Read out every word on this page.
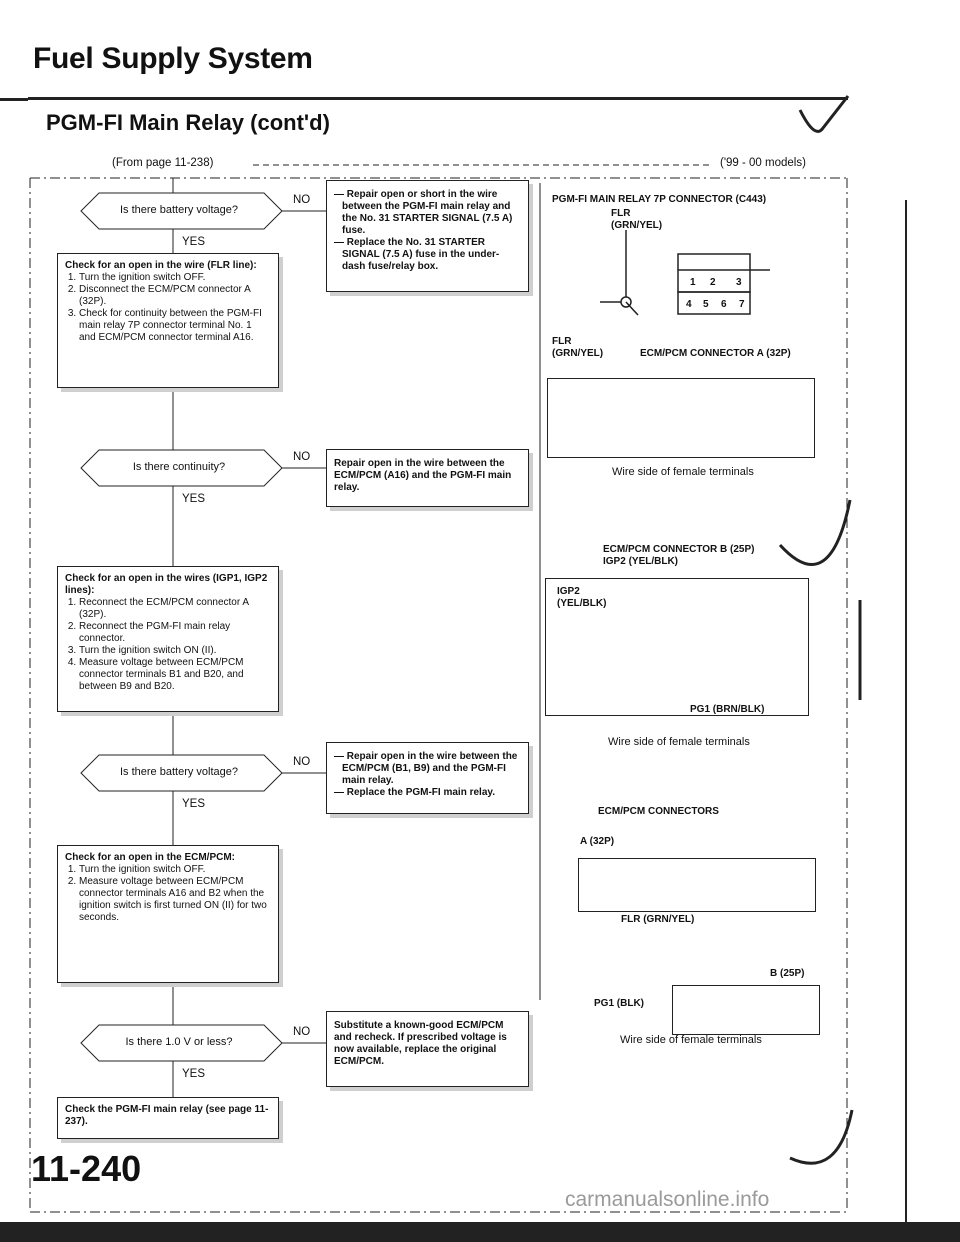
Fuel Supply System
PGM-FI Main Relay (cont'd)
(From page 11-238)	('99 - 00 models)
Is there battery voltage?
Is there continuity?
Is there battery voltage?
Is there 1.0 V or less?
NO
NO
NO
NO
YES
YES
YES
YES
— Repair open or short in the wire between the PGM-FI main relay and the No. 31 STARTER SIGNAL (7.5 A) fuse.
— Replace the No. 31 STARTER SIGNAL (7.5 A) fuse in the under-dash fuse/relay box.
Repair open in the wire between the ECM/PCM (A16) and the PGM-FI main relay.
— Repair open in the wire between the ECM/PCM (B1, B9) and the PGM-FI main relay.
— Replace the PGM-FI main relay.
Substitute a known-good ECM/PCM and recheck. If prescribed voltage is now available, replace the original ECM/PCM.
Check for an open in the wire (FLR line):
1. Turn the ignition switch OFF.
2. Disconnect the ECM/PCM connector A (32P).
3. Check for continuity between the PGM-FI main relay 7P connector terminal No. 1 and ECM/PCM connector terminal A16.
Check for an open in the wires (IGP1, IGP2 lines):
1. Reconnect the ECM/PCM connector A (32P).
2. Reconnect the PGM-FI main relay connector.
3. Turn the ignition switch ON (II).
4. Measure voltage between ECM/PCM connector terminals B1 and B20, and between B9 and B20.
Check for an open in the ECM/PCM:
1. Turn the ignition switch OFF.
2. Measure voltage between ECM/PCM connector terminals A16 and B2 when the ignition switch is first turned ON (II) for two seconds.
Check the PGM-FI main relay (see page 11-237).
PGM-FI MAIN RELAY 7P CONNECTOR (C443)
FLR
(GRN/YEL)
1 2 3
4 5 6 7
FLR
(GRN/YEL)	ECM/PCM CONNECTOR A (32P)
Wire side of female terminals
ECM/PCM CONNECTOR B (25P)
IGP2 (YEL/BLK)
IGP2
(YEL/BLK)
PG1 (BRN/BLK)
Wire side of female terminals
ECM/PCM CONNECTORS
A (32P)
FLR (GRN/YEL)
B (25P)
PG1 (BLK)
Wire side of female terminals
11-240
carmanualsonline.info
